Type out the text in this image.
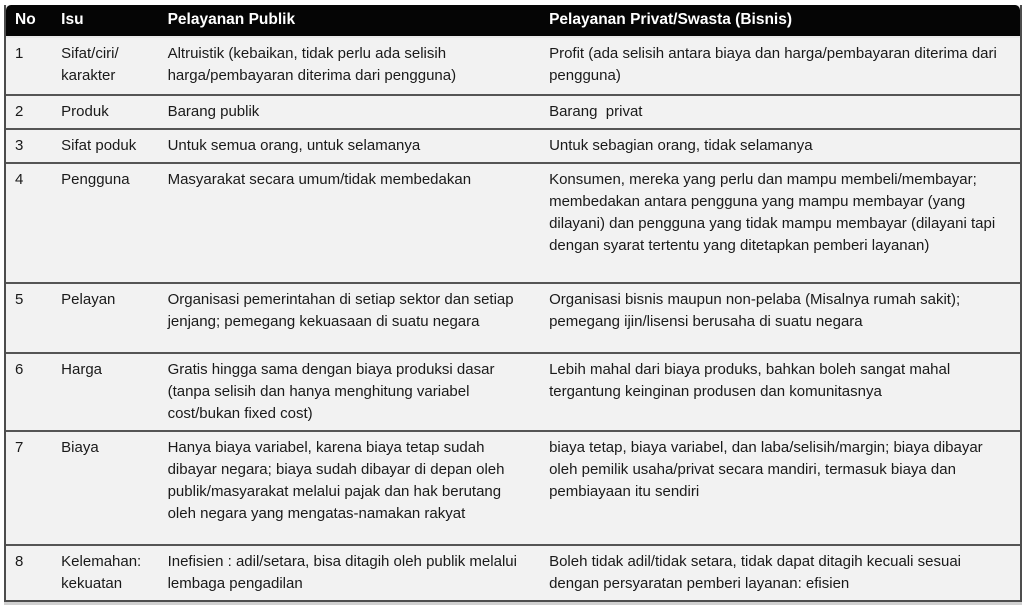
No	Isu	Pelayanan Publik	Pelayanan Privat/Swasta (Bisnis)
1	Sifat/ciri/ karakter	Altruistik (kebaikan, tidak perlu ada selisih harga/pembayaran diterima dari pengguna)	Profit (ada selisih antara biaya dan harga/pembayaran diterima dari pengguna)
2	Produk	Barang publik	Barang  privat
3	Sifat poduk	Untuk semua orang, untuk selamanya	Untuk sebagian orang, tidak selamanya
4	Pengguna	Masyarakat secara umum/tidak membedakan	Konsumen, mereka yang perlu dan mampu membeli/membayar; membedakan antara pengguna yang mampu membayar (yang dilayani) dan pengguna yang tidak mampu membayar (dilayani tapi dengan syarat tertentu yang ditetapkan pemberi layanan)
5	Pelayan	Organisasi pemerintahan di setiap sektor dan setiap jenjang; pemegang kekuasaan di suatu negara	Organisasi bisnis maupun non-pelaba (Misalnya rumah sakit); pemegang ijin/lisensi berusaha di suatu negara
6	Harga	Gratis hingga sama dengan biaya produksi dasar (tanpa selisih dan hanya menghitung variabel cost/bukan fixed cost)	Lebih mahal dari biaya produks, bahkan boleh sangat mahal tergantung keinginan produsen dan komunitasnya
7	Biaya	Hanya biaya variabel, karena biaya tetap sudah dibayar negara; biaya sudah dibayar di depan oleh publik/masyarakat melalui pajak dan hak berutang oleh negara yang mengatas-namakan rakyat	biaya tetap, biaya variabel, dan laba/selisih/margin; biaya dibayar oleh pemilik usaha/privat secara mandiri, termasuk biaya dan pembiayaan itu sendiri
8	Kelemahan: kekuatan	Inefisien : adil/setara, bisa ditagih oleh publik melalui lembaga pengadilan	Boleh tidak adil/tidak setara, tidak dapat ditagih kecuali sesuai dengan persyaratan pemberi layanan: efisien
